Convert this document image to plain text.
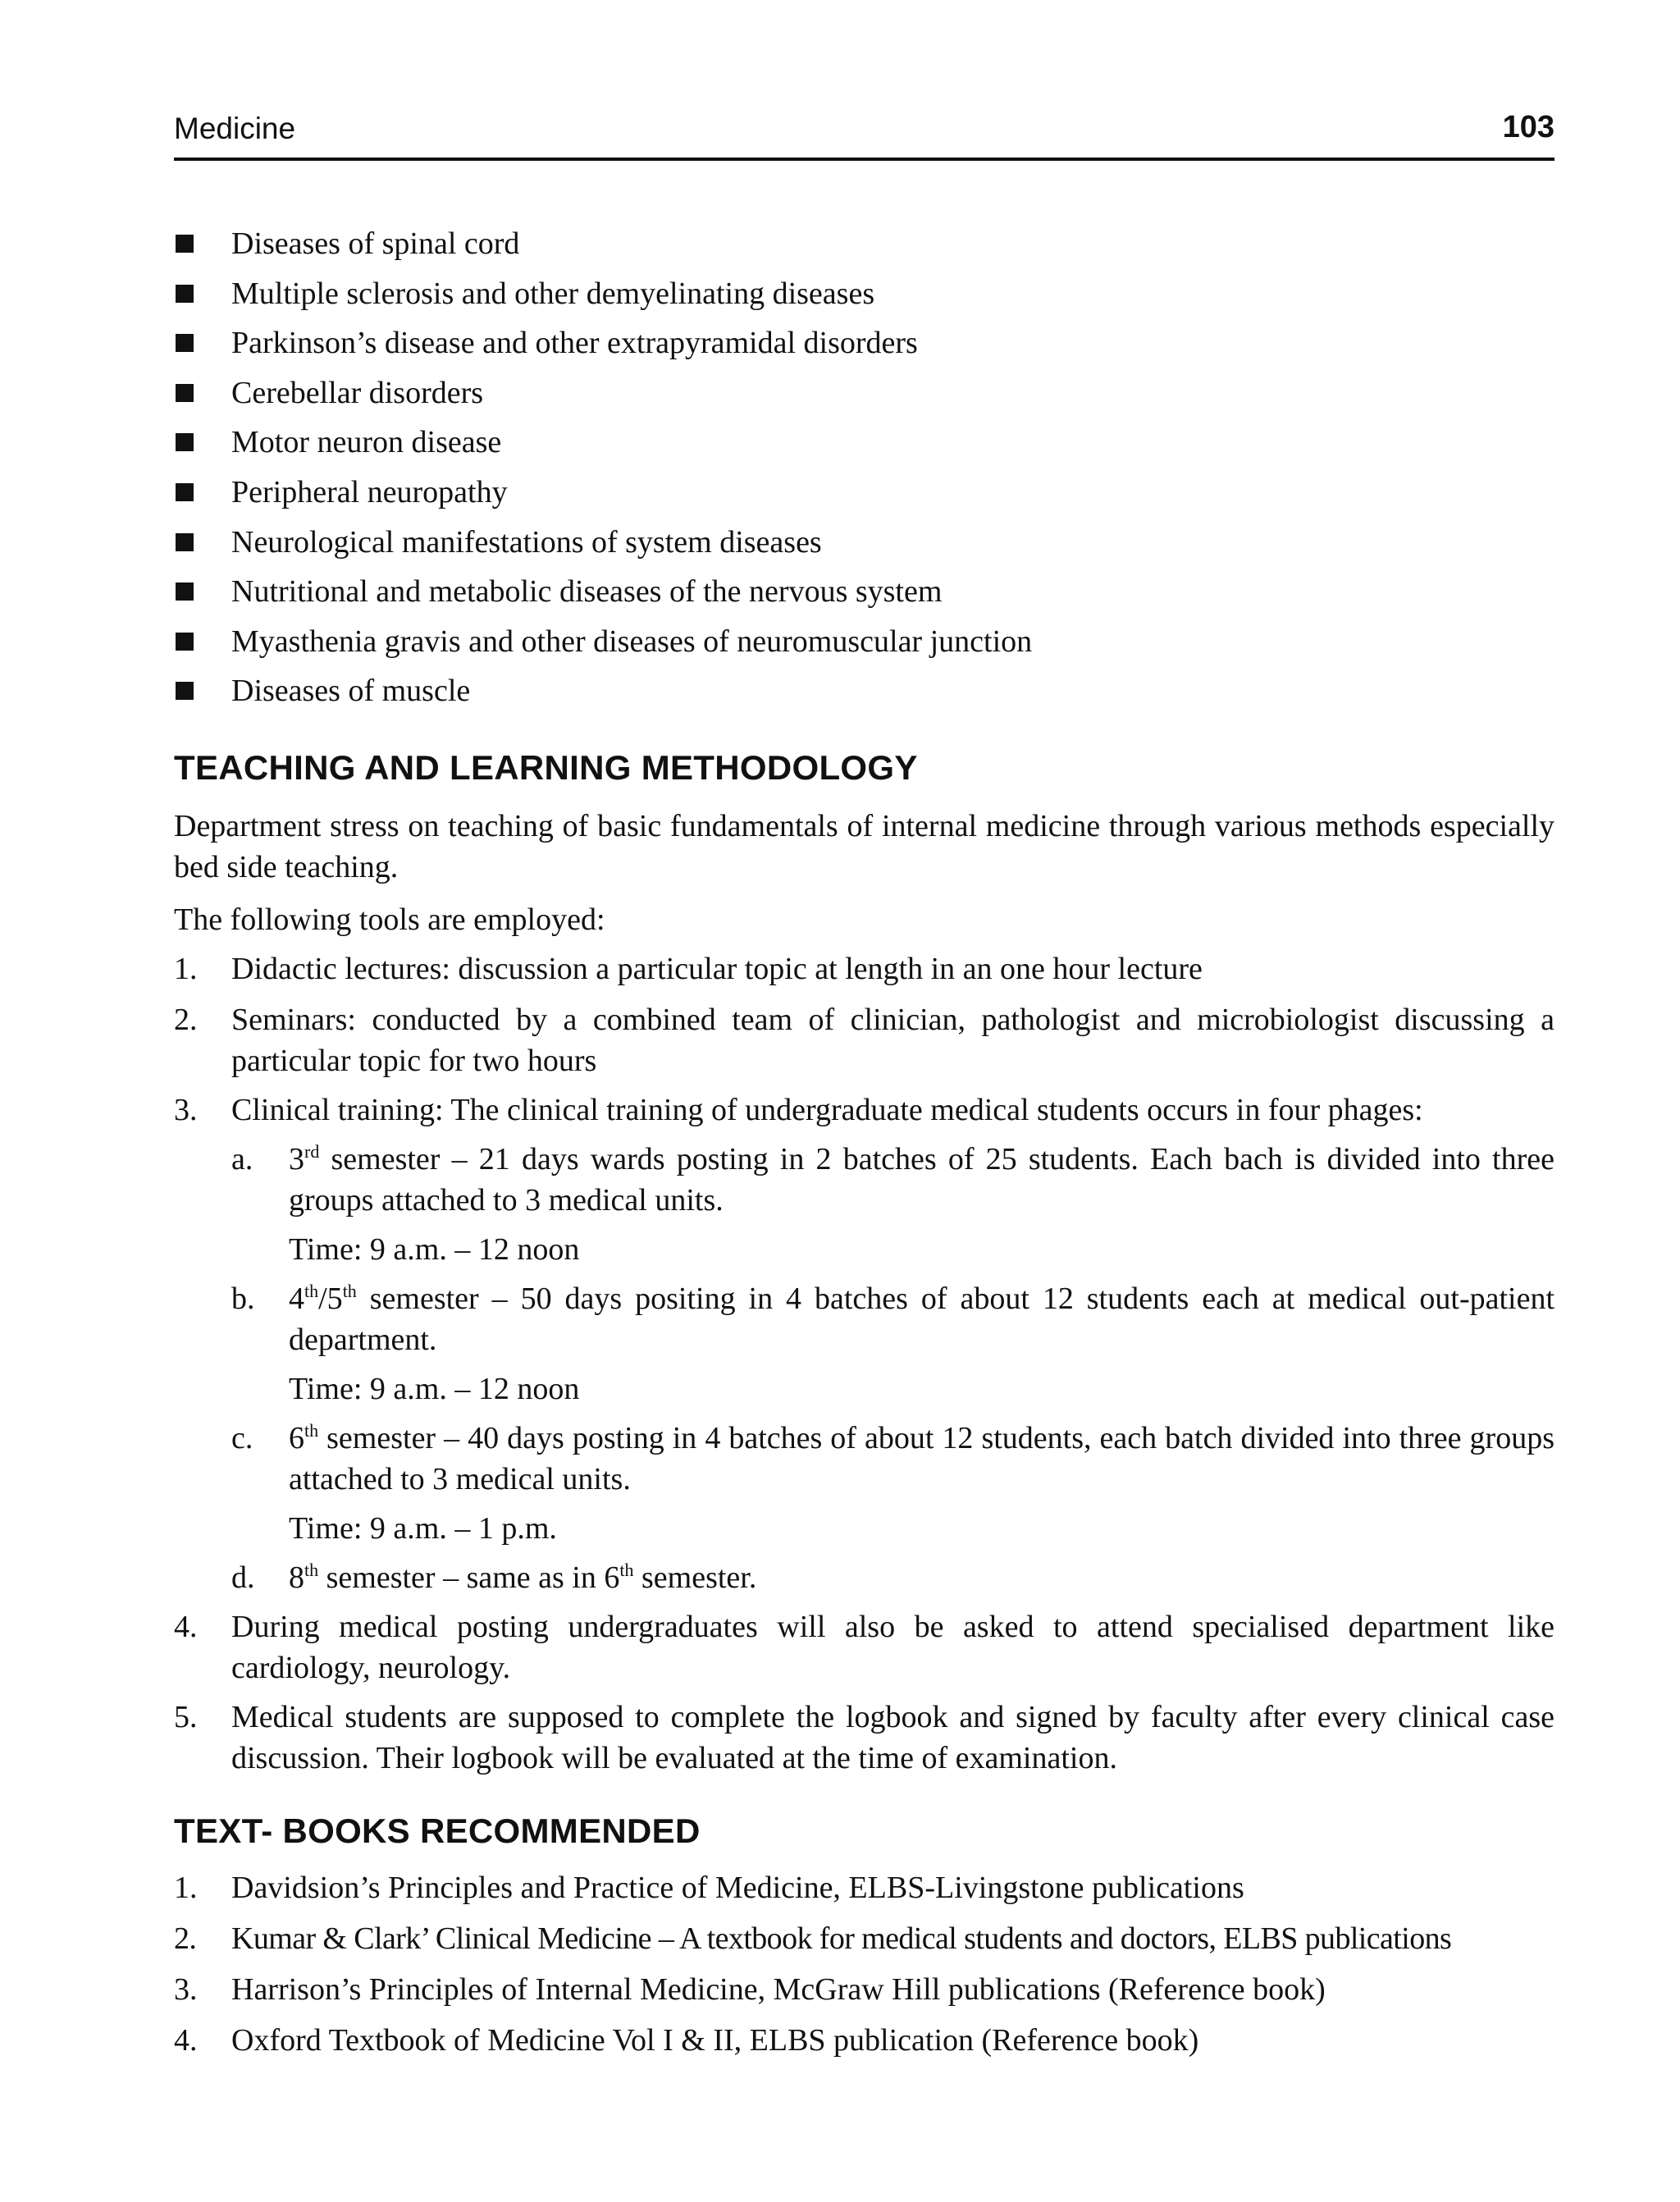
Medicine	103
Diseases of spinal cord
Multiple sclerosis and other demyelinating diseases
Parkinson’s disease and other extrapyramidal disorders
Cerebellar disorders
Motor neuron disease
Peripheral neuropathy
Neurological manifestations of system diseases
Nutritional and metabolic diseases of the nervous system
Myasthenia gravis and other diseases of neuromuscular junction
Diseases of muscle
TEACHING AND LEARNING METHODOLOGY
Department stress on teaching of basic fundamentals of internal medicine through various methods especially bed side teaching.
The following tools are employed:
1. Didactic lectures: discussion a particular topic at length in an one hour lecture
2. Seminars: conducted by a combined team of clinician, pathologist and microbiologist discussing a particular topic for two hours
3. Clinical training: The clinical training of undergraduate medical students occurs in four phages:
a. 3rd semester – 21 days wards posting in 2 batches of 25 students. Each bach is divided into three groups attached to 3 medical units.
Time: 9 a.m. – 12 noon
b. 4th/5th semester – 50 days positing in 4 batches of about 12 students each at medical out-patient department.
Time: 9 a.m. – 12 noon
c. 6th semester – 40 days posting in 4 batches of about 12 students, each batch divided into three groups attached to 3 medical units.
Time: 9 a.m. – 1 p.m.
d. 8th semester – same as in 6th semester.
4. During medical posting undergraduates will also be asked to attend specialised department like cardiology, neurology.
5. Medical students are supposed to complete the logbook and signed by faculty after every clinical case discussion. Their logbook will be evaluated at the time of examination.
TEXT- BOOKS RECOMMENDED
1. Davidsion’s Principles and Practice of Medicine, ELBS-Livingstone publications
2. Kumar & Clark’ Clinical Medicine – A textbook for medical students and doctors, ELBS publications
3. Harrison’s Principles of Internal Medicine, McGraw Hill publications (Reference book)
4. Oxford Textbook of Medicine Vol I & II, ELBS publication (Reference book)
